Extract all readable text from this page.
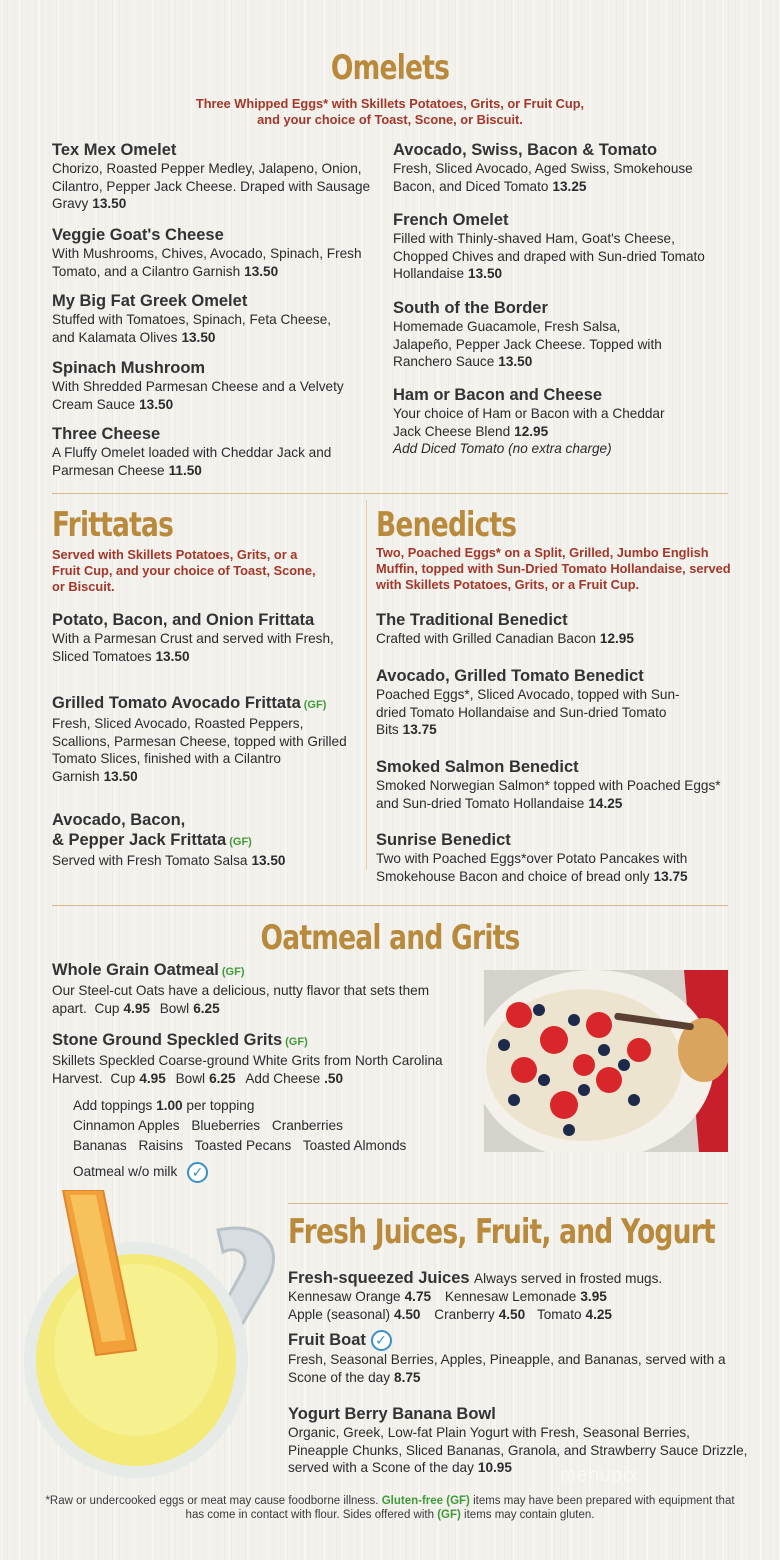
Omelets
Three Whipped Eggs* with Skillets Potatoes, Grits, or Fruit Cup,
and your choice of Toast, Scone, or Biscuit.
Tex Mex Omelet
Chorizo, Roasted Pepper Medley, Jalapeno, Onion, Cilantro, Pepper Jack Cheese. Draped with Sausage Gravy 13.50
Veggie Goat's Cheese
With Mushrooms, Chives, Avocado, Spinach, Fresh Tomato, and a Cilantro Garnish 13.50
My Big Fat Greek Omelet
Stuffed with Tomatoes, Spinach, Feta Cheese, and Kalamata Olives 13.50
Spinach Mushroom
With Shredded Parmesan Cheese and a Velvety Cream Sauce 13.50
Three Cheese
A Fluffy Omelet loaded with Cheddar Jack and Parmesan Cheese 11.50
Avocado, Swiss, Bacon & Tomato
Fresh, Sliced Avocado, Aged Swiss, Smokehouse Bacon, and Diced Tomato 13.25
French Omelet
Filled with Thinly-shaved Ham, Goat's Cheese, Chopped Chives and draped with Sun-dried Tomato Hollandaise 13.50
South of the Border
Homemade Guacamole, Fresh Salsa, Jalapeño, Pepper Jack Cheese. Topped with Ranchero Sauce 13.50
Ham or Bacon and Cheese
Your choice of Ham or Bacon with a Cheddar Jack Cheese Blend 12.95
Add Diced Tomato (no extra charge)
Frittatas
Served with Skillets Potatoes, Grits, or a Fruit Cup, and your choice of Toast, Scone, or Biscuit.
Potato, Bacon, and Onion Frittata
With a Parmesan Crust and served with Fresh, Sliced Tomatoes 13.50
Grilled Tomato Avocado Frittata (GF)
Fresh, Sliced Avocado, Roasted Peppers, Scallions, Parmesan Cheese, topped with Grilled Tomato Slices, finished with a Cilantro Garnish 13.50
Avocado, Bacon,
& Pepper Jack Frittata (GF)
Served with Fresh Tomato Salsa 13.50
Benedicts
Two, Poached Eggs* on a Split, Grilled, Jumbo English Muffin, topped with Sun-Dried Tomato Hollandaise, served with Skillets Potatoes, Grits, or a Fruit Cup.
The Traditional Benedict
Crafted with Grilled Canadian Bacon 12.95
Avocado, Grilled Tomato Benedict
Poached Eggs*, Sliced Avocado, topped with Sun-dried Tomato Hollandaise and Sun-dried Tomato Bits 13.75
Smoked Salmon Benedict
Smoked Norwegian Salmon* topped with Poached Eggs* and Sun-dried Tomato Hollandaise 14.25
Sunrise Benedict
Two with Poached Eggs*over Potato Pancakes with Smokehouse Bacon and choice of bread only 13.75
Oatmeal and Grits
Whole Grain Oatmeal (GF)
Our Steel-cut Oats have a delicious, nutty flavor that sets them apart. Cup 4.95 Bowl 6.25
Stone Ground Speckled Grits (GF)
Skillets Speckled Coarse-ground White Grits from North Carolina Harvest. Cup 4.95 Bowl 6.25 Add Cheese .50
Add toppings 1.00 per topping
Cinnamon Apples Blueberries Cranberries
Bananas Raisins Toasted Pecans Toasted Almonds
Oatmeal w/o milk ✓
Fresh Juices, Fruit, and Yogurt
Fresh-squeezed Juices Always served in frosted mugs.
Kennesaw Orange 4.75 Kennesaw Lemonade 3.95
Apple (seasonal) 4.50 Cranberry 4.50 Tomato 4.25
Fruit Boat ✓
Fresh, Seasonal Berries, Apples, Pineapple, and Bananas, served with a Scone of the day 8.75
Yogurt Berry Banana Bowl
Organic, Greek, Low-fat Plain Yogurt with Fresh, Seasonal Berries, Pineapple Chunks, Sliced Bananas, Granola, and Strawberry Sauce Drizzle, served with a Scone of the day 10.95	menupix
*Raw or undercooked eggs or meat may cause foodborne illness. Gluten-free (GF) items may have been prepared with equipment that has come in contact with flour. Sides offered with (GF) items may contain gluten.
